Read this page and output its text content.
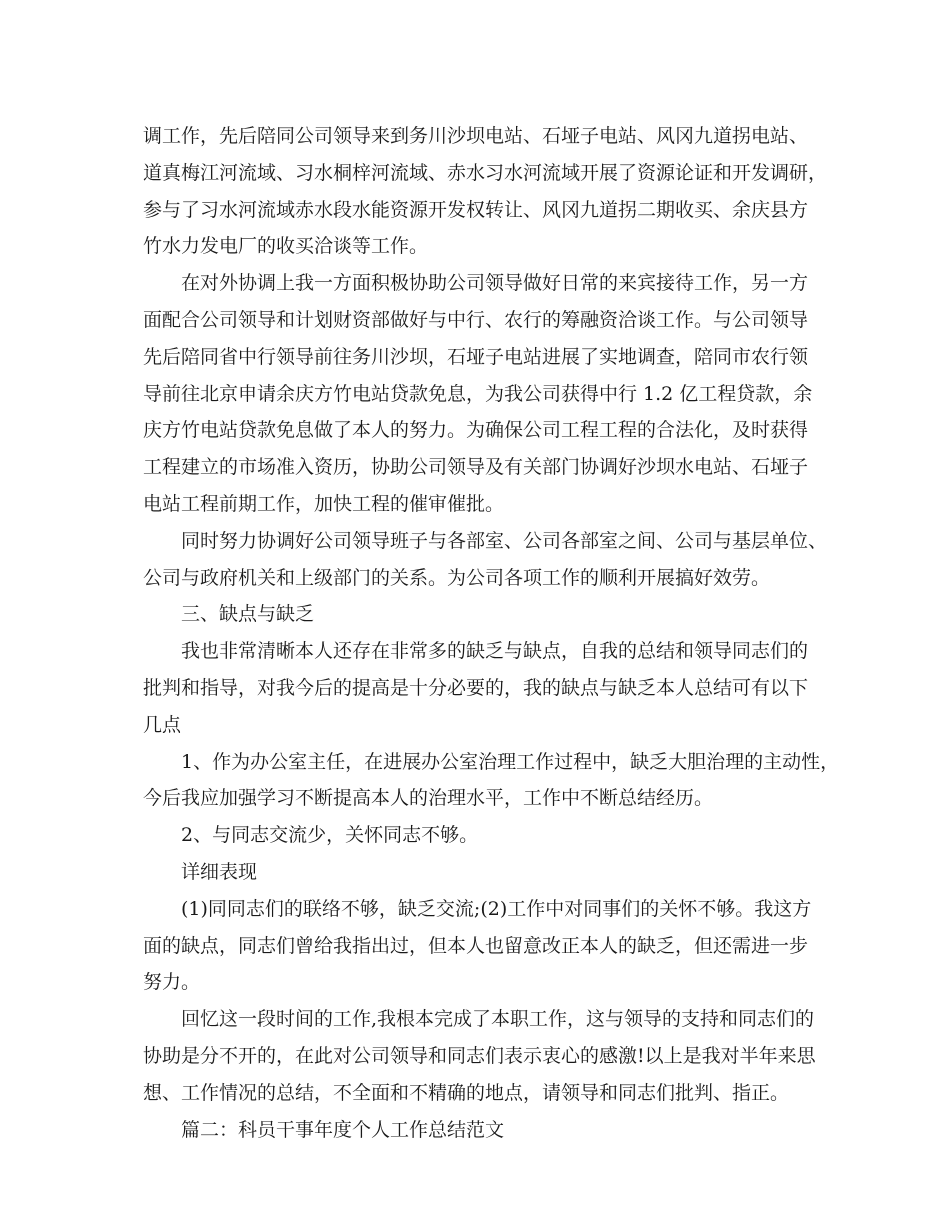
调工作，先后陪同公司领导来到务川沙坝电站、石垭子电站、风冈九道拐电站、

道真梅江河流域、习水桐梓河流域、赤水习水河流域开展了资源论证和开发调研，

参与了习水河流域赤水段水能资源开发权转让、风冈九道拐二期收买、余庆县方

竹水力发电厂的收买洽谈等工作。

在对外协调上我一方面积极协助公司领导做好日常的来宾接待工作，另一方

面配合公司领导和计划财资部做好与中行、农行的筹融资洽谈工作。与公司领导

先后陪同省中行领导前往务川沙坝，石垭子电站进展了实地调查，陪同市农行领

导前往北京申请余庆方竹电站贷款免息，为我公司获得中行 1.2 亿工程贷款，余

庆方竹电站贷款免息做了本人的努力。为确保公司工程工程的合法化，及时获得

工程建立的市场准入资历，协助公司领导及有关部门协调好沙坝水电站、石垭子

电站工程前期工作，加快工程的催审催批。

同时努力协调好公司领导班子与各部室、公司各部室之间、公司与基层单位、

公司与政府机关和上级部门的关系。为公司各项工作的顺利开展搞好效劳。

三、缺点与缺乏

我也非常清晰本人还存在非常多的缺乏与缺点，自我的总结和领导同志们的

批判和指导，对我今后的提高是十分必要的，我的缺点与缺乏本人总结可有以下

几点

1、作为办公室主任，在进展办公室治理工作过程中，缺乏大胆治理的主动性，

今后我应加强学习不断提高本人的治理水平，工作中不断总结经历。

2、与同志交流少，关怀同志不够。

详细表现

(1)同同志们的联络不够，缺乏交流;(2)工作中对同事们的关怀不够。我这方

面的缺点，同志们曾给我指出过，但本人也留意改正本人的缺乏，但还需进一步

努力。

回忆这一段时间的工作,我根本完成了本职工作，这与领导的支持和同志们的

协助是分不开的，在此对公司领导和同志们表示衷心的感激!以上是我对半年来思

想、工作情况的总结，不全面和不精确的地点，请领导和同志们批判、指正。

篇二：科员干事年度个人工作总结范文
